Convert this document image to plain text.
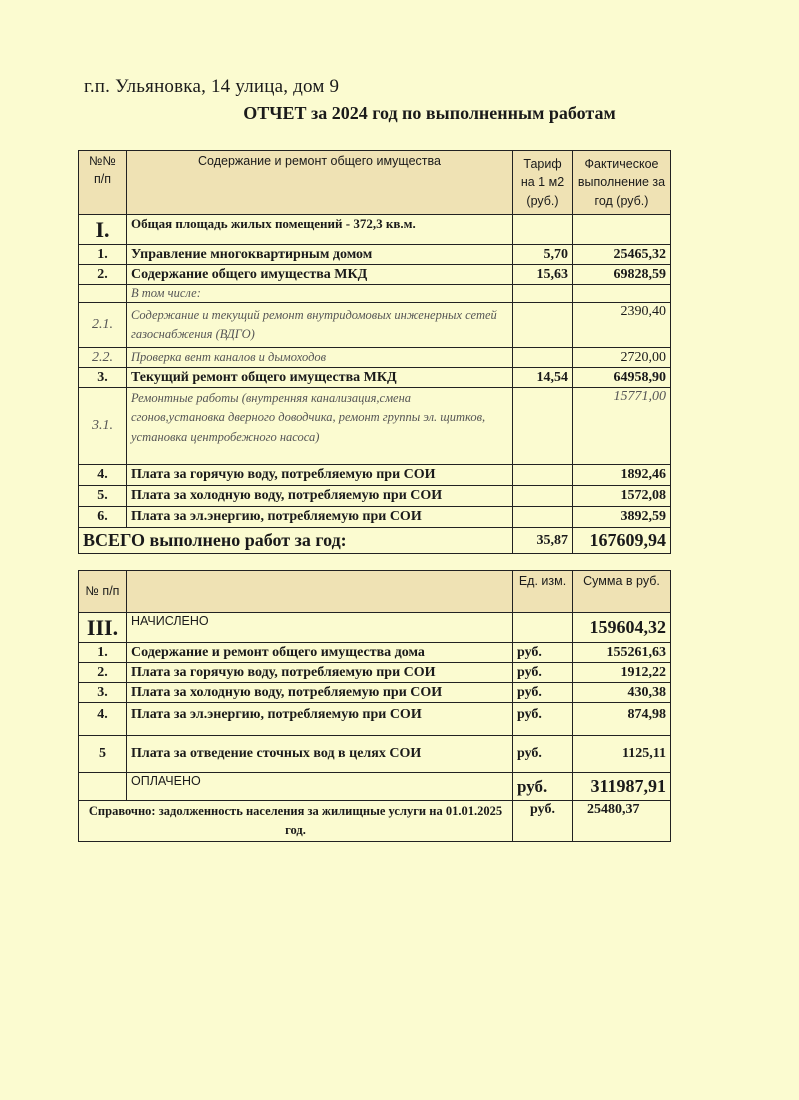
г.п. Ульяновка, 14 улица, дом 9
ОТЧЕТ за 2024 год по выполненным работам
№№ п/п	Содержание и ремонт общего имущества	Тариф на 1 м2 (руб.)	Фактическое выполнение за год (руб.)
I.	Общая площадь жилых помещений - 372,3 кв.м.		
1.	Управление многоквартирным домом	5,70	25465,32
2.	Содержание общего имущества МКД	15,63	69828,59
	В том числе:		
2.1.	Содержание и текущий ремонт внутридомовых инженерных сетей газоснабжения (ВДГО)		2390,40
2.2.	Проверка вент каналов и дымоходов		2720,00
3.	Текущий ремонт общего имущества МКД	14,54	64958,90
3.1.	Ремонтные работы (внутренняя канализация,смена сгонов,установка дверного доводчика, ремонт группы эл. щитков, установка центробежного насоса)		15771,00
4.	Плата за горячую воду, потребляемую при СОИ		1892,46
5.	Плата за холодную воду, потребляемую при СОИ		1572,08
6.	Плата за эл.энергию, потребляемую при СОИ		3892,59
ВСЕГО выполнено работ за год:		35,87	167609,94
№ п/п		Ед. изм.	Сумма в руб.
III.	НАЧИСЛЕНО		159604,32
1.	Содержание и ремонт общего имущества дома	руб.	155261,63
2.	Плата за горячую воду, потребляемую при СОИ	руб.	1912,22
3.	Плата за холодную воду, потребляемую при СОИ	руб.	430,38
4.	Плата за эл.энергию, потребляемую при СОИ	руб.	874,98
5	Плата за отведение сточных вод в целях СОИ	руб.	1125,11
	ОПЛАЧЕНО	руб.	311987,91
Справочно: задолженность населения за жилищные услуги на 01.01.2025 год.		руб.	25480,37
